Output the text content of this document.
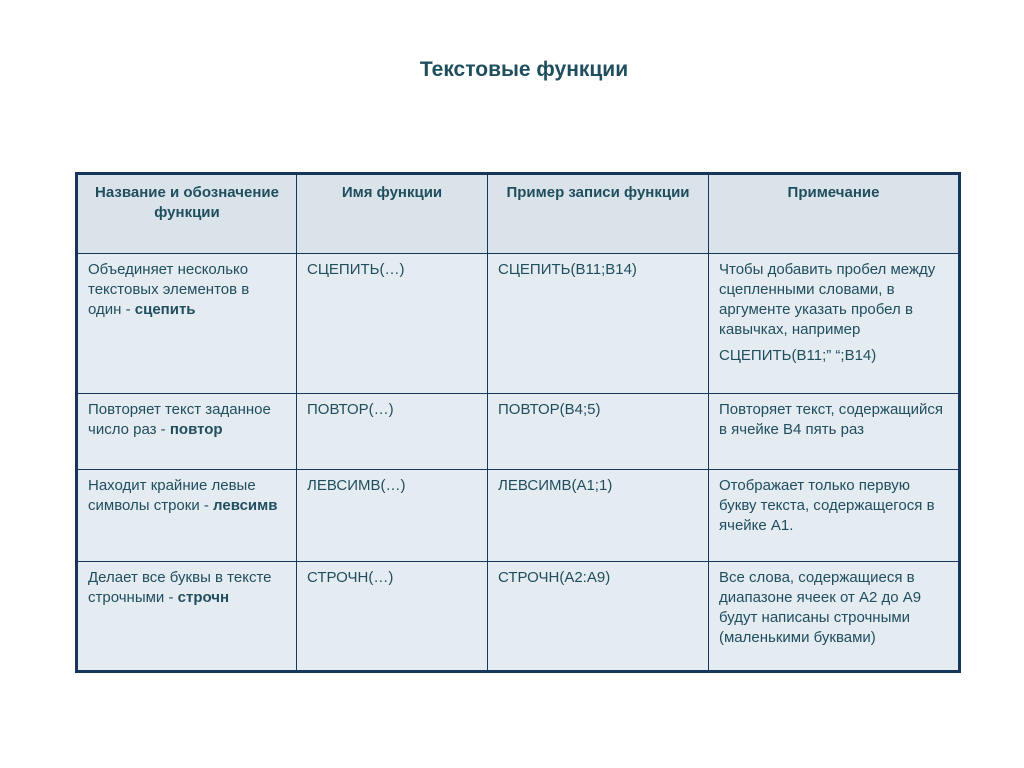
Текстовые функции
Название и обозначение функции	Имя функции	Пример записи функции	Примечание
Объединяет несколько текстовых элементов в один - сцепить	СЦЕПИТЬ(…)	СЦЕПИТЬ(B11;B14)	Чтобы добавить пробел между сцепленными словами, в аргументе указать пробел в кавычках, например
СЦЕПИТЬ(B11;” “;B14)

Повторяет текст заданное число раз - повтор	ПОВТОР(…)	ПОВТОР(B4;5)	Повторяет текст, содержащийся в ячейке B4 пять раз
Находит крайние левые символы строки - левсимв	ЛЕВСИМВ(…)	ЛЕВСИМВ(A1;1)	Отображает только первую букву текста, содержащегося в ячейке A1.
Делает все буквы в тексте строчными - строчн	СТРОЧН(…)	СТРОЧН(A2:A9)	Все слова, содержащиеся в диапазоне ячеек от A2 до A9 будут написаны строчными (маленькими буквами)
